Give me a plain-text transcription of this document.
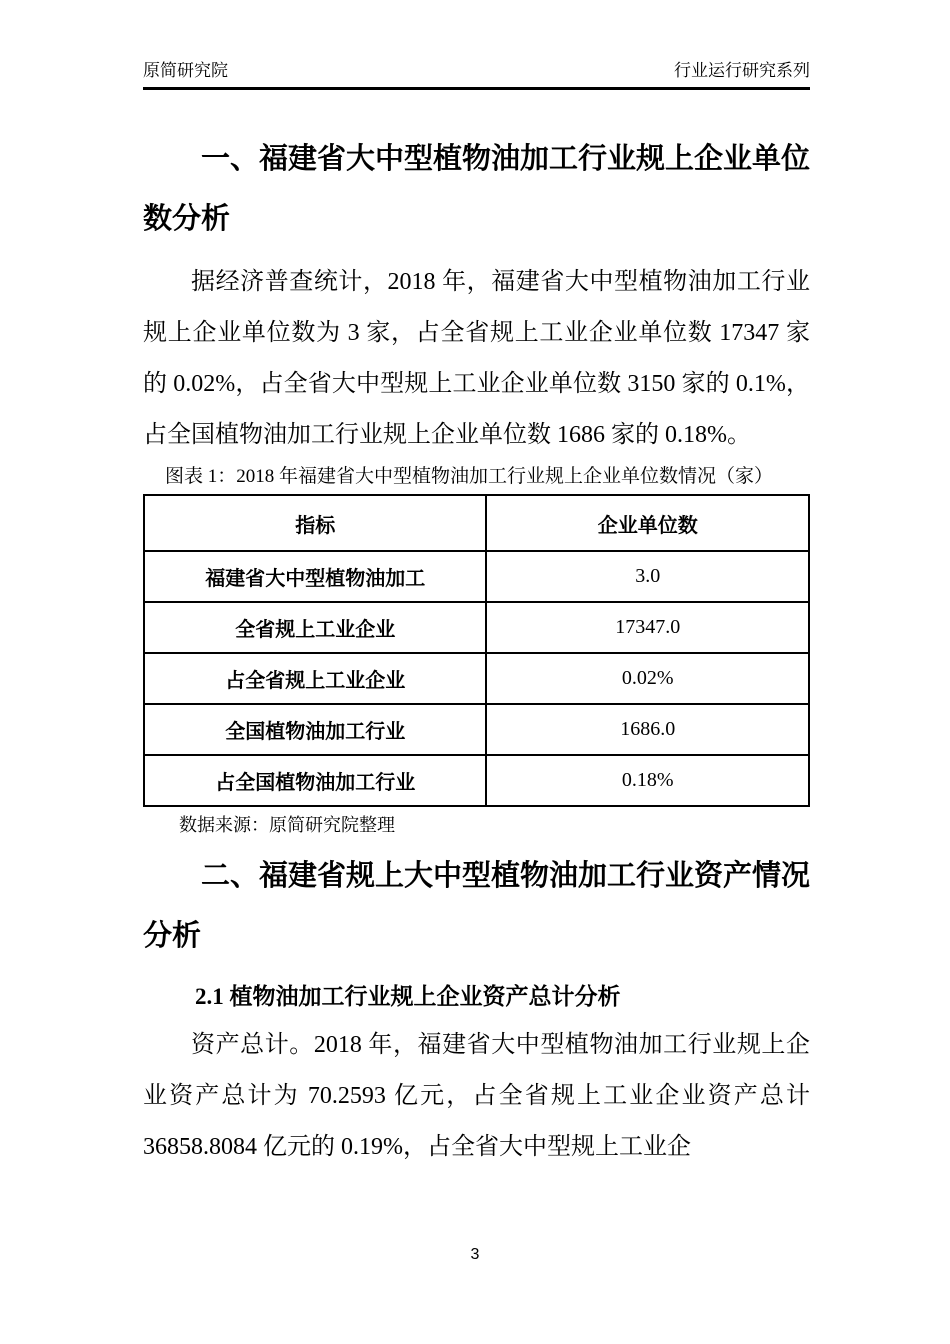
原简研究院	行业运行研究系列
一、福建省大中型植物油加工行业规上企业单位数分析
据经济普查统计，2018 年，福建省大中型植物油加工行业规上企业单位数为 3 家，占全省规上工业企业单位数 17347 家的 0.02%，占全省大中型规上工业企业单位数 3150 家的 0.1%，占全国植物油加工行业规上企业单位数 1686 家的 0.18%。
图表 1：2018 年福建省大中型植物油加工行业规上企业单位数情况（家）
指标	企业单位数
福建省大中型植物油加工	3.0
全省规上工业企业	17347.0
占全省规上工业企业	0.02%
全国植物油加工行业	1686.0
占全国植物油加工行业	0.18%
数据来源：原简研究院整理
二、福建省规上大中型植物油加工行业资产情况分析
2.1 植物油加工行业规上企业资产总计分析
资产总计。2018 年，福建省大中型植物油加工行业规上企业资产总计为 70.2593 亿元，占全省规上工业企业资产总计 36858.8084 亿元的 0.19%，占全省大中型规上工业企
3
